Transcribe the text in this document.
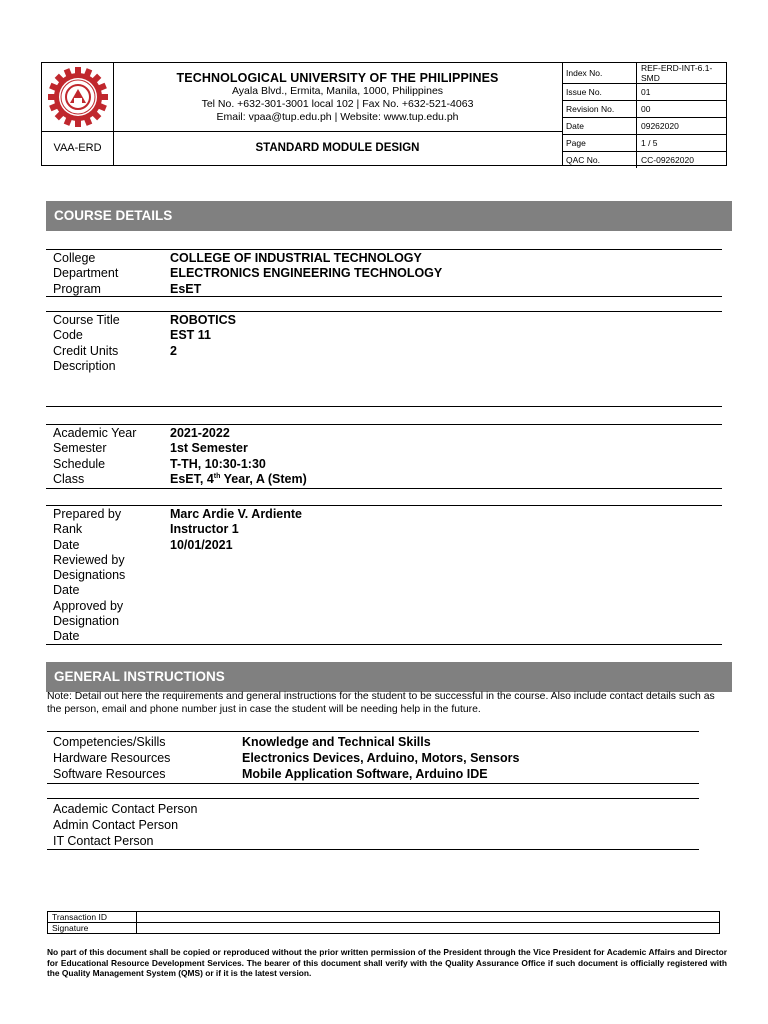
TECHNOLOGICAL UNIVERSITY OF THE PHILIPPINES
Ayala Blvd., Ermita, Manila, 1000, Philippines
Tel No. +632-301-3001 local 102 | Fax No. +632-521-4063
Email: vpaa@tup.edu.ph | Website: www.tup.edu.ph
VAA-ERD	STANDARD MODULE DESIGN
Index No.	REF-ERD-INT-6.1-SMD
Issue No.	01
Revision No.	00
Date	09262020
Page	1 / 5
QAC No.	CC-09262020
COURSE DETAILS
College	COLLEGE OF INDUSTRIAL TECHNOLOGY
Department	ELECTRONICS ENGINEERING TECHNOLOGY
Program	EsET
Course Title	ROBOTICS
Code	EST 11
Credit Units	2
Description
Academic Year	2021-2022
Semester	1st Semester
Schedule	T-TH, 10:30-1:30
Class	EsET, 4th Year, A (Stem)
Prepared by	Marc Ardie V. Ardiente
Rank	Instructor 1
Date	10/01/2021
Reviewed by
Designations
Date
Approved by
Designation
Date
GENERAL INSTRUCTIONS
Note: Detail out here the requirements and general instructions for the student to be successful in the course. Also include contact details such as the person, email and phone number just in case the student will be needing help in the future.
Competencies/Skills	Knowledge and Technical Skills
Hardware Resources	Electronics Devices, Arduino, Motors, Sensors
Software Resources	Mobile Application Software, Arduino IDE
Academic Contact Person
Admin Contact Person
IT Contact Person
Transaction ID	
Signature	
No part of this document shall be copied or reproduced without the prior written permission of the President through the Vice President for Academic Affairs and Director for Educational Resource Development Services. The bearer of this document shall verify with the Quality Assurance Office if such document is officially registered with the Quality Management System (QMS) or if it is the latest version.
